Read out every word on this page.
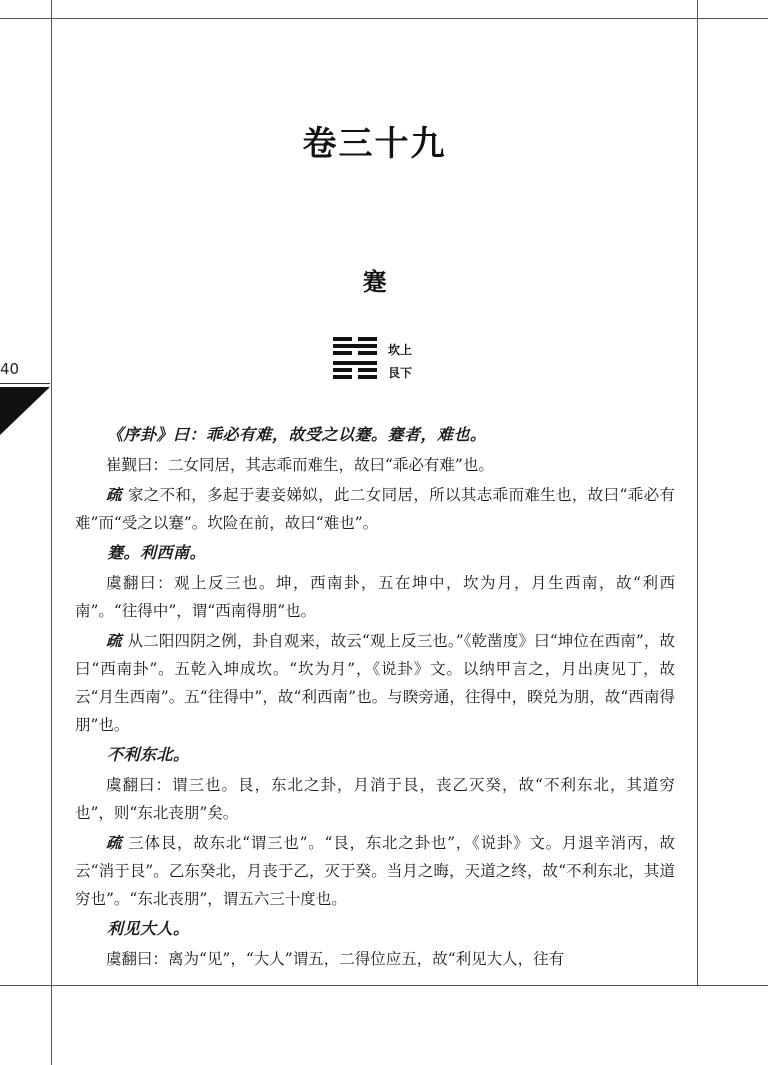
40
卷三十九
蹇
坎上
艮下

《序卦》曰：乖必有难，故受之以蹇。蹇者，难也。

崔觐曰：二女同居，其志乖而难生，故曰“乖必有难”也。

疏 家之不和，多起于妻妾娣姒，此二女同居，所以其志乖而难生也，故曰“乖必有难”而“受之以蹇”。坎险在前，故曰“难也”。

蹇。利西南。

虞翻曰：观上反三也。坤，西南卦，五在坤中，坎为月，月生西南，故“利西南”。“往得中”，谓“西南得朋”也。

疏 从二阳四阴之例，卦自观来，故云“观上反三也。”《乾凿度》曰“坤位在西南”，故曰“西南卦”。五乾入坤成坎。“坎为月”，《说卦》文。以纳甲言之，月出庚见丁，故云“月生西南”。五“往得中”，故“利西南”也。与睽旁通，往得中，睽兑为朋，故“西南得朋”也。

不利东北。

虞翻曰：谓三也。艮，东北之卦，月消于艮，丧乙灭癸，故“不利东北，其道穷也”，则“东北丧朋”矣。

疏 三体艮，故东北“谓三也”。“艮，东北之卦也”，《说卦》文。月退辛消丙，故云“消于艮”。乙东癸北，月丧于乙，灭于癸。当月之晦，天道之终，故“不利东北，其道穷也”。“东北丧朋”，谓五六三十度也。

利见大人。

虞翻曰：离为“见”，“大人”谓五，二得位应五，故“利见大人，往有
